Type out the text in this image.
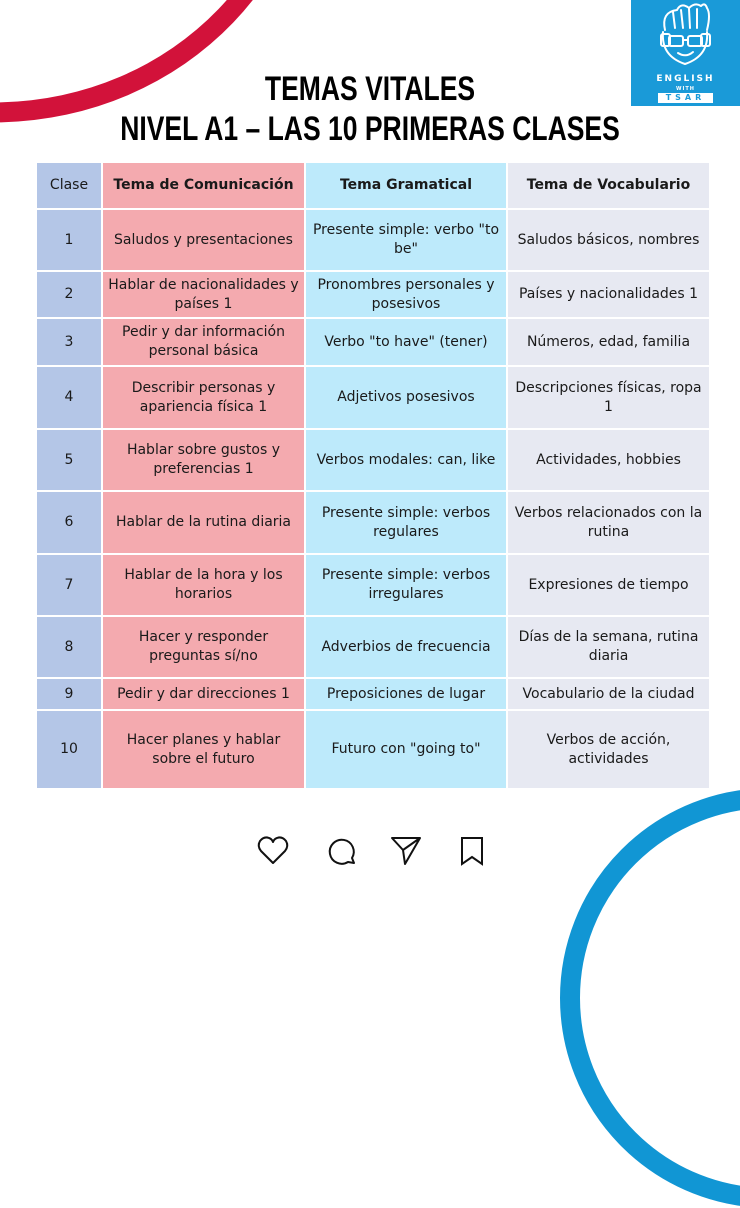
ENGLISH
WITH
TSAR
TEMAS VITALES
NIVEL A1 – LAS 10 PRIMERAS CLASES
Clase	Tema de Comunicación	Tema Gramatical	Tema de Vocabulario
1	Saludos y presentaciones	Presente simple: verbo "to be"	Saludos básicos, nombres
2	Hablar de nacionalidades y países 1	Pronombres personales y posesivos	Países y nacionalidades 1
3	Pedir y dar información personal básica	Verbo "to have" (tener)	Números, edad, familia
4	Describir personas y apariencia física 1	Adjetivos posesivos	Descripciones físicas, ropa 1
5	Hablar sobre gustos y preferencias 1	Verbos modales: can, like	Actividades, hobbies
6	Hablar de la rutina diaria	Presente simple: verbos regulares	Verbos relacionados con la rutina
7	Hablar de la hora y los horarios	Presente simple: verbos irregulares	Expresiones de tiempo
8	Hacer y responder preguntas sí/no	Adverbios de frecuencia	Días de la semana, rutina diaria
9	Pedir y dar direcciones 1	Preposiciones de lugar	Vocabulario de la ciudad
10	Hacer planes y hablar sobre el futuro	Futuro con "going to"	Verbos de acción, actividades
